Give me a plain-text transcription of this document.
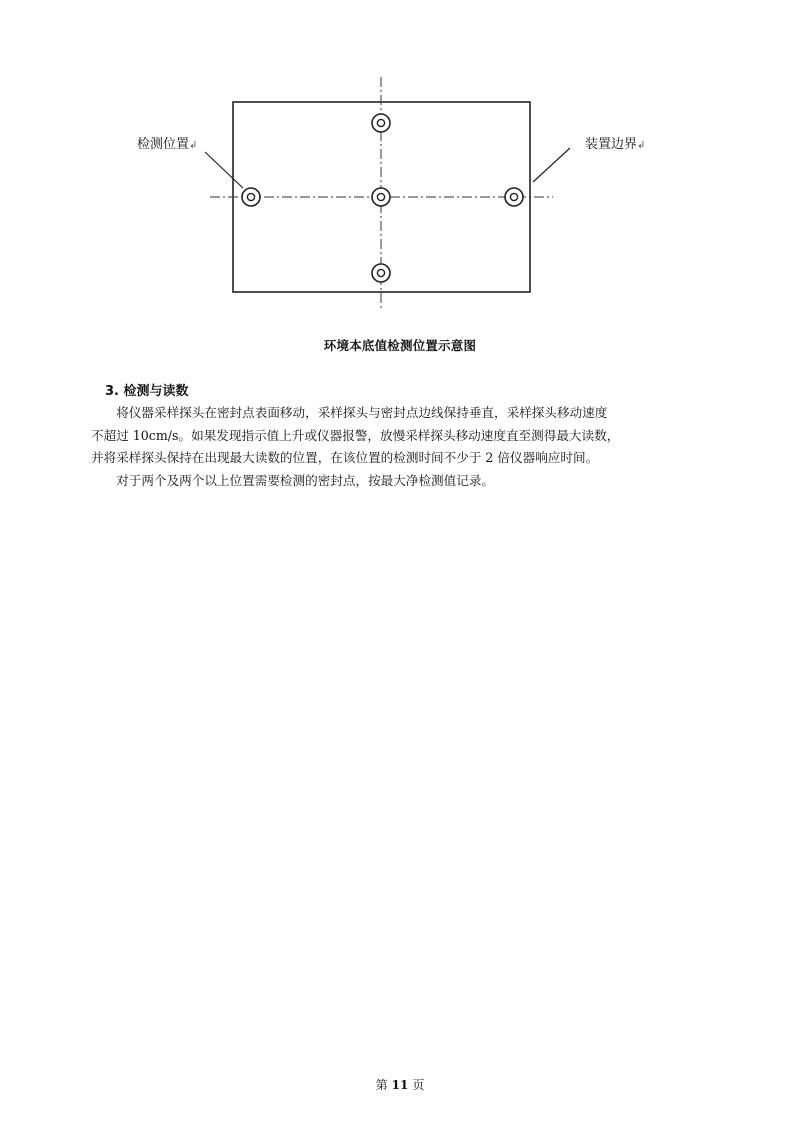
检测位置↲	装置边界↲
环境本底值检测位置示意图
3. 检测与读数

将仪器采样探头在密封点表面移动，采样探头与密封点边线保持垂直，采样探头移动速度

不超过 10cm/s。如果发现指示值上升或仪器报警，放慢采样探头移动速度直至测得最大读数，

并将采样探头保持在出现最大读数的位置，在该位置的检测时间不少于 2 倍仪器响应时间。

对于两个及两个以上位置需要检测的密封点，按最大净检测值记录。

第 11 页
